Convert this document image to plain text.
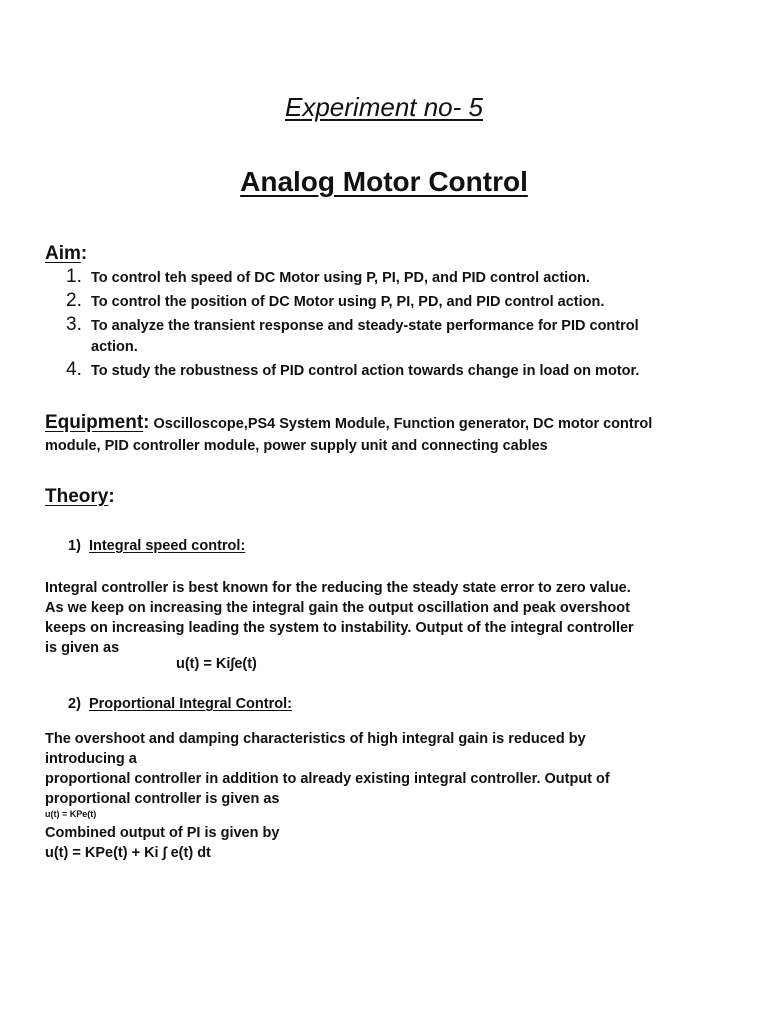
Experiment no- 5
Analog Motor Control
Aim:
1. To control teh speed of DC Motor using P, PI, PD, and PID control action.
2. To control the position of DC Motor using P, PI, PD, and PID control action.
3. To analyze the transient response and steady-state performance for PID control action.
4. To study the robustness of PID control action towards change in load on motor.
Equipment: Oscilloscope,PS4 System Module, Function generator, DC motor control module, PID controller module, power supply unit and connecting cables
Theory:
1) Integral speed control:
Integral controller is best known for the reducing the steady state error to zero value.
As we keep on increasing the integral gain the output oscillation and peak overshoot
keeps on increasing leading the system to instability. Output of the integral controller
is given as
u(t) = Ki∫e(t)
2) Proportional Integral Control:
The overshoot and damping characteristics of high integral gain is reduced by
introducing a
proportional controller in addition to already existing integral controller. Output of
proportional controller is given as
u(t) = KPe(t)
Combined output of PI is given by
u(t) = KPe(t) + Ki ∫ e(t) dt
